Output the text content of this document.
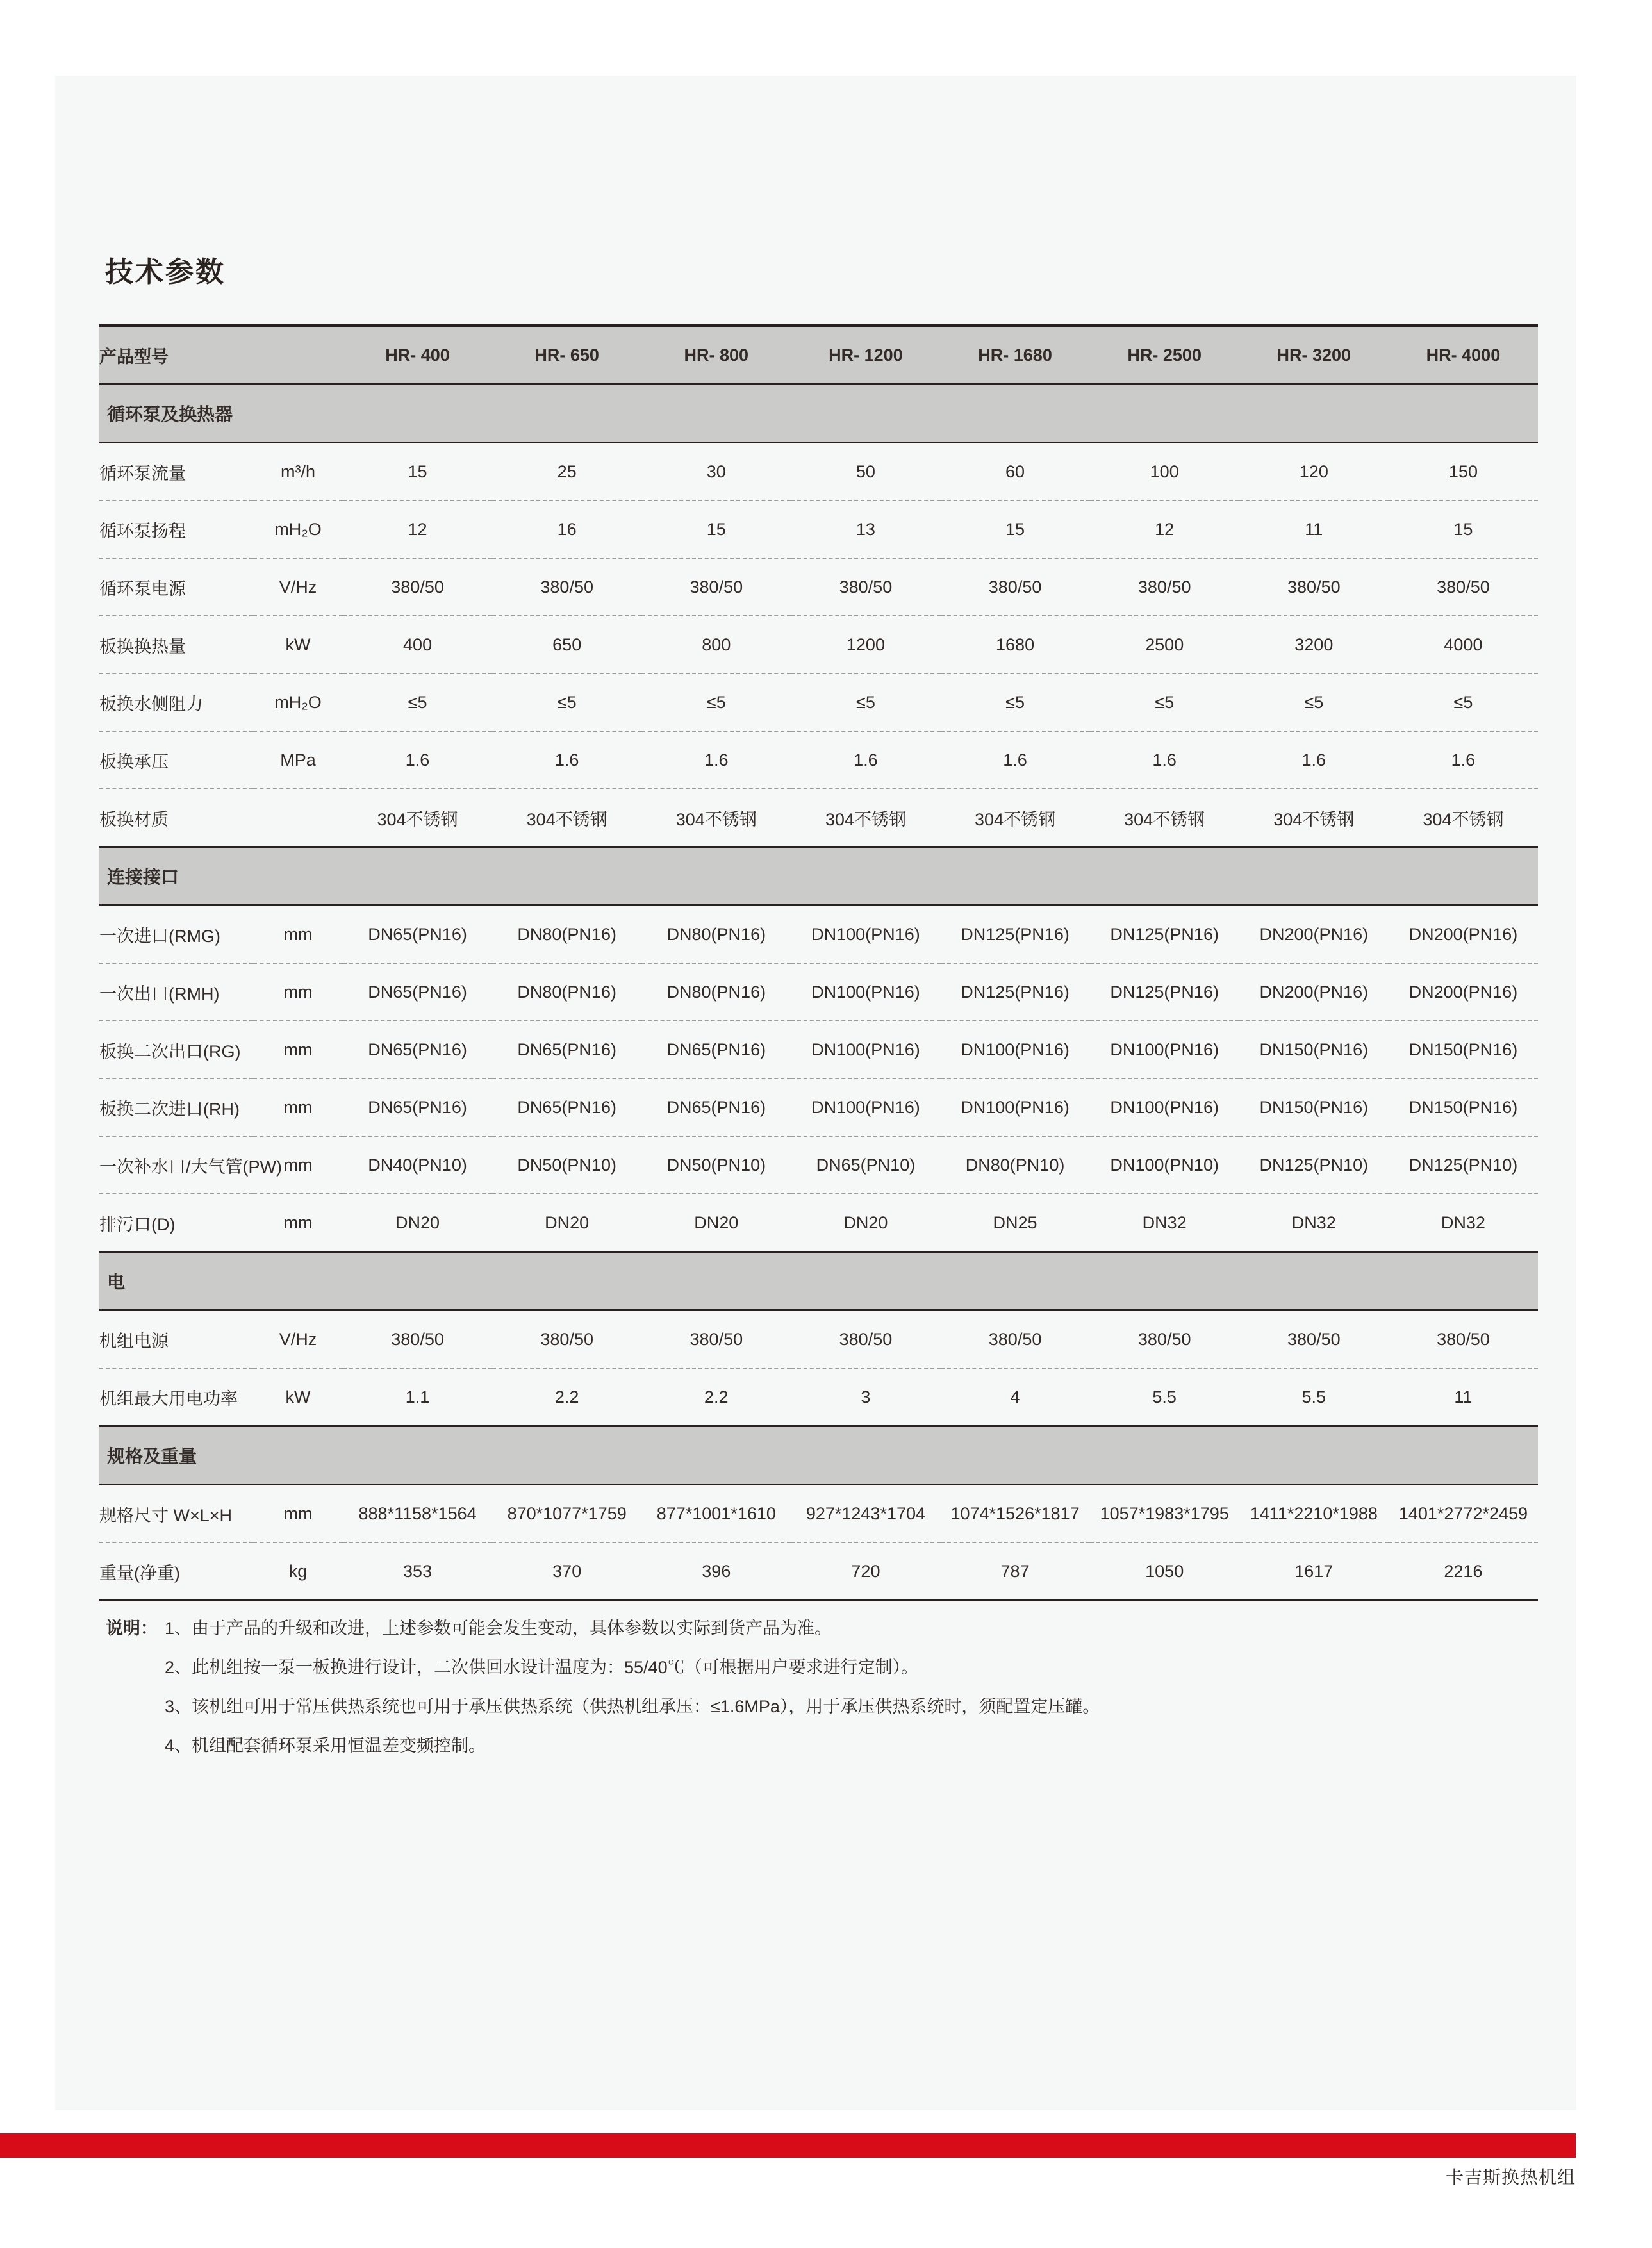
技术参数
产品型号		HR- 400	HR- 650	HR- 800	HR- 1200	HR- 1680	HR- 2500	HR- 3200	HR- 4000
循环泵及换热器									
循环泵流量	m³/h	15	25	30	50	60	100	120	150
循环泵扬程	mH₂O	12	16	15	13	15	12	11	15
循环泵电源	V/Hz	380/50	380/50	380/50	380/50	380/50	380/50	380/50	380/50
板换换热量	kW	400	650	800	1200	1680	2500	3200	4000
板换水侧阻力	mH₂O	≤5	≤5	≤5	≤5	≤5	≤5	≤5	≤5
板换承压	MPa	1.6	1.6	1.6	1.6	1.6	1.6	1.6	1.6
板换材质		304不锈钢	304不锈钢	304不锈钢	304不锈钢	304不锈钢	304不锈钢	304不锈钢	304不锈钢
连接接口									
一次进口(RMG)	mm	DN65(PN16)	DN80(PN16)	DN80(PN16)	DN100(PN16)	DN125(PN16)	DN125(PN16)	DN200(PN16)	DN200(PN16)
一次出口(RMH)	mm	DN65(PN16)	DN80(PN16)	DN80(PN16)	DN100(PN16)	DN125(PN16)	DN125(PN16)	DN200(PN16)	DN200(PN16)
板换二次出口(RG)	mm	DN65(PN16)	DN65(PN16)	DN65(PN16)	DN100(PN16)	DN100(PN16)	DN100(PN16)	DN150(PN16)	DN150(PN16)
板换二次进口(RH)	mm	DN65(PN16)	DN65(PN16)	DN65(PN16)	DN100(PN16)	DN100(PN16)	DN100(PN16)	DN150(PN16)	DN150(PN16)
一次补水口/大气管(PW)	mm	DN40(PN10)	DN50(PN10)	DN50(PN10)	DN65(PN10)	DN80(PN10)	DN100(PN10)	DN125(PN10)	DN125(PN10)
排污口(D)	mm	DN20	DN20	DN20	DN20	DN25	DN32	DN32	DN32
电									
机组电源	V/Hz	380/50	380/50	380/50	380/50	380/50	380/50	380/50	380/50
机组最大用电功率	kW	1.1	2.2	2.2	3	4	5.5	5.5	11
规格及重量									
规格尺寸 W×L×H	mm	888*1158*1564	870*1077*1759	877*1001*1610	927*1243*1704	1074*1526*1817	1057*1983*1795	1411*2210*1988	1401*2772*2459
重量(净重)	kg	353	370	396	720	787	1050	1617	2216
说明： 1、由于产品的升级和改进，上述参数可能会发生变动，具体参数以实际到货产品为准。
2、此机组按一泵一板换进行设计，二次供回水设计温度为：55/40℃（可根据用户要求进行定制）。
3、该机组可用于常压供热系统也可用于承压供热系统（供热机组承压：≤1.6MPa），用于承压供热系统时，须配置定压罐。
4、机组配套循环泵采用恒温差变频控制。
卡吉斯换热机组
